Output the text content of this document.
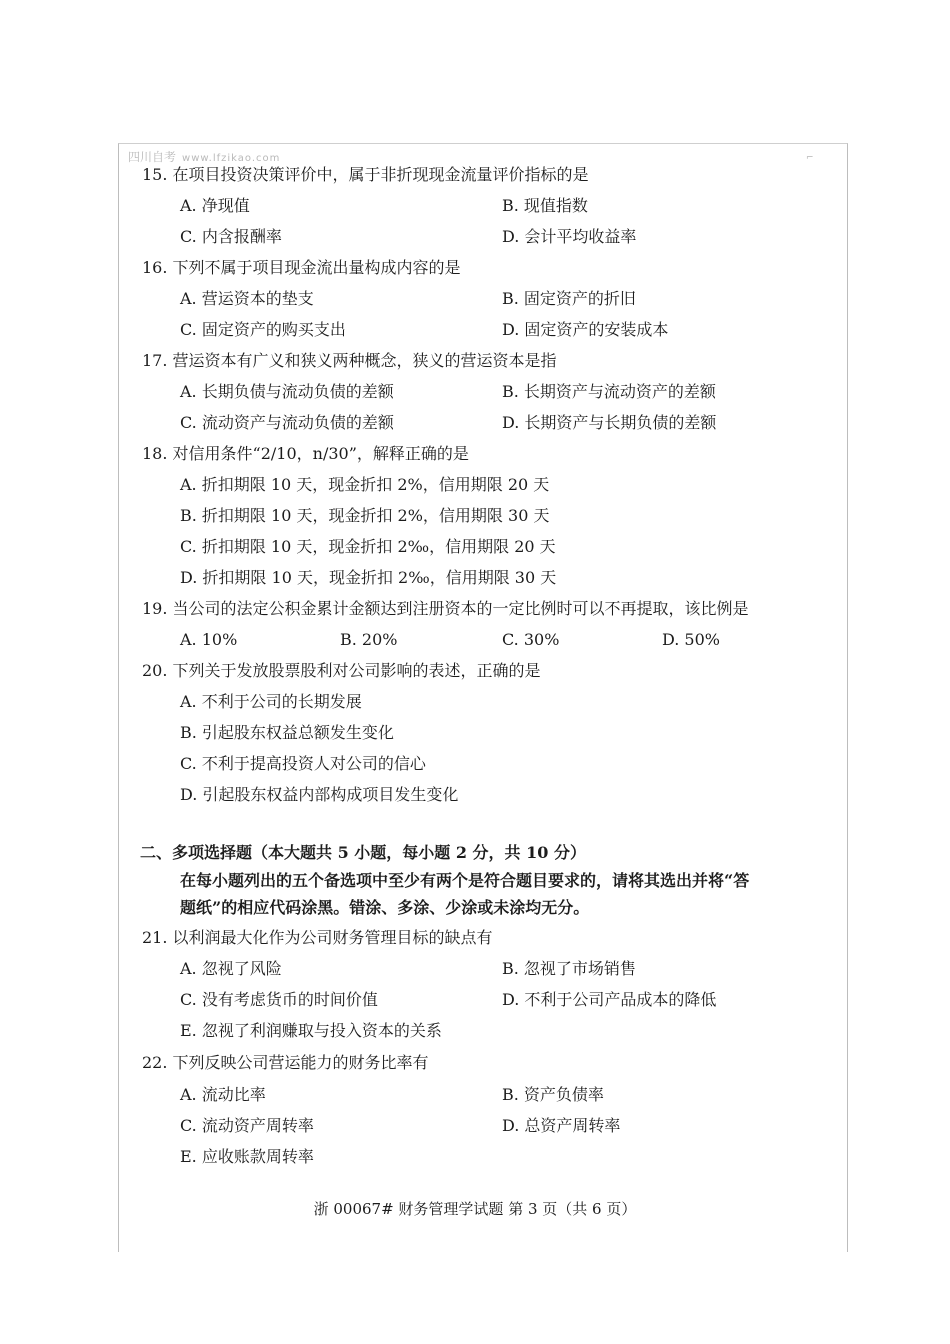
四川自考 www.lfzikao.com	⌐
15. 在项目投资决策评价中，属于非折现现金流量评价指标的是
A. 净现值	B. 现值指数
C. 内含报酬率	D. 会计平均收益率
16. 下列不属于项目现金流出量构成内容的是
A. 营运资本的垫支	B. 固定资产的折旧
C. 固定资产的购买支出	D. 固定资产的安装成本
17. 营运资本有广义和狭义两种概念，狭义的营运资本是指
A. 长期负债与流动负债的差额	B. 长期资产与流动资产的差额
C. 流动资产与流动负债的差额	D. 长期资产与长期负债的差额
18. 对信用条件“2/10，n/30”，解释正确的是
A. 折扣期限 10 天，现金折扣 2%，信用期限 20 天
B. 折扣期限 10 天，现金折扣 2%，信用期限 30 天
C. 折扣期限 10 天，现金折扣 2‰，信用期限 20 天
D. 折扣期限 10 天，现金折扣 2‰，信用期限 30 天
19. 当公司的法定公积金累计金额达到注册资本的一定比例时可以不再提取，该比例是
A. 10%	B. 20%	C. 30%	D. 50%
20. 下列关于发放股票股利对公司影响的表述，正确的是
A. 不利于公司的长期发展
B. 引起股东权益总额发生变化
C. 不利于提高投资人对公司的信心
D. 引起股东权益内部构成项目发生变化
二、多项选择题（本大题共 5 小题，每小题 2 分，共 10 分）
在每小题列出的五个备选项中至少有两个是符合题目要求的，请将其选出并将“答
题纸”的相应代码涂黑。错涂、多涂、少涂或未涂均无分。
21. 以利润最大化作为公司财务管理目标的缺点有
A. 忽视了风险	B. 忽视了市场销售
C. 没有考虑货币的时间价值	D. 不利于公司产品成本的降低
E. 忽视了利润赚取与投入资本的关系
22. 下列反映公司营运能力的财务比率有
A. 流动比率	B. 资产负债率
C. 流动资产周转率	D. 总资产周转率
E. 应收账款周转率
浙 00067# 财务管理学试题 第 3 页（共 6 页）
